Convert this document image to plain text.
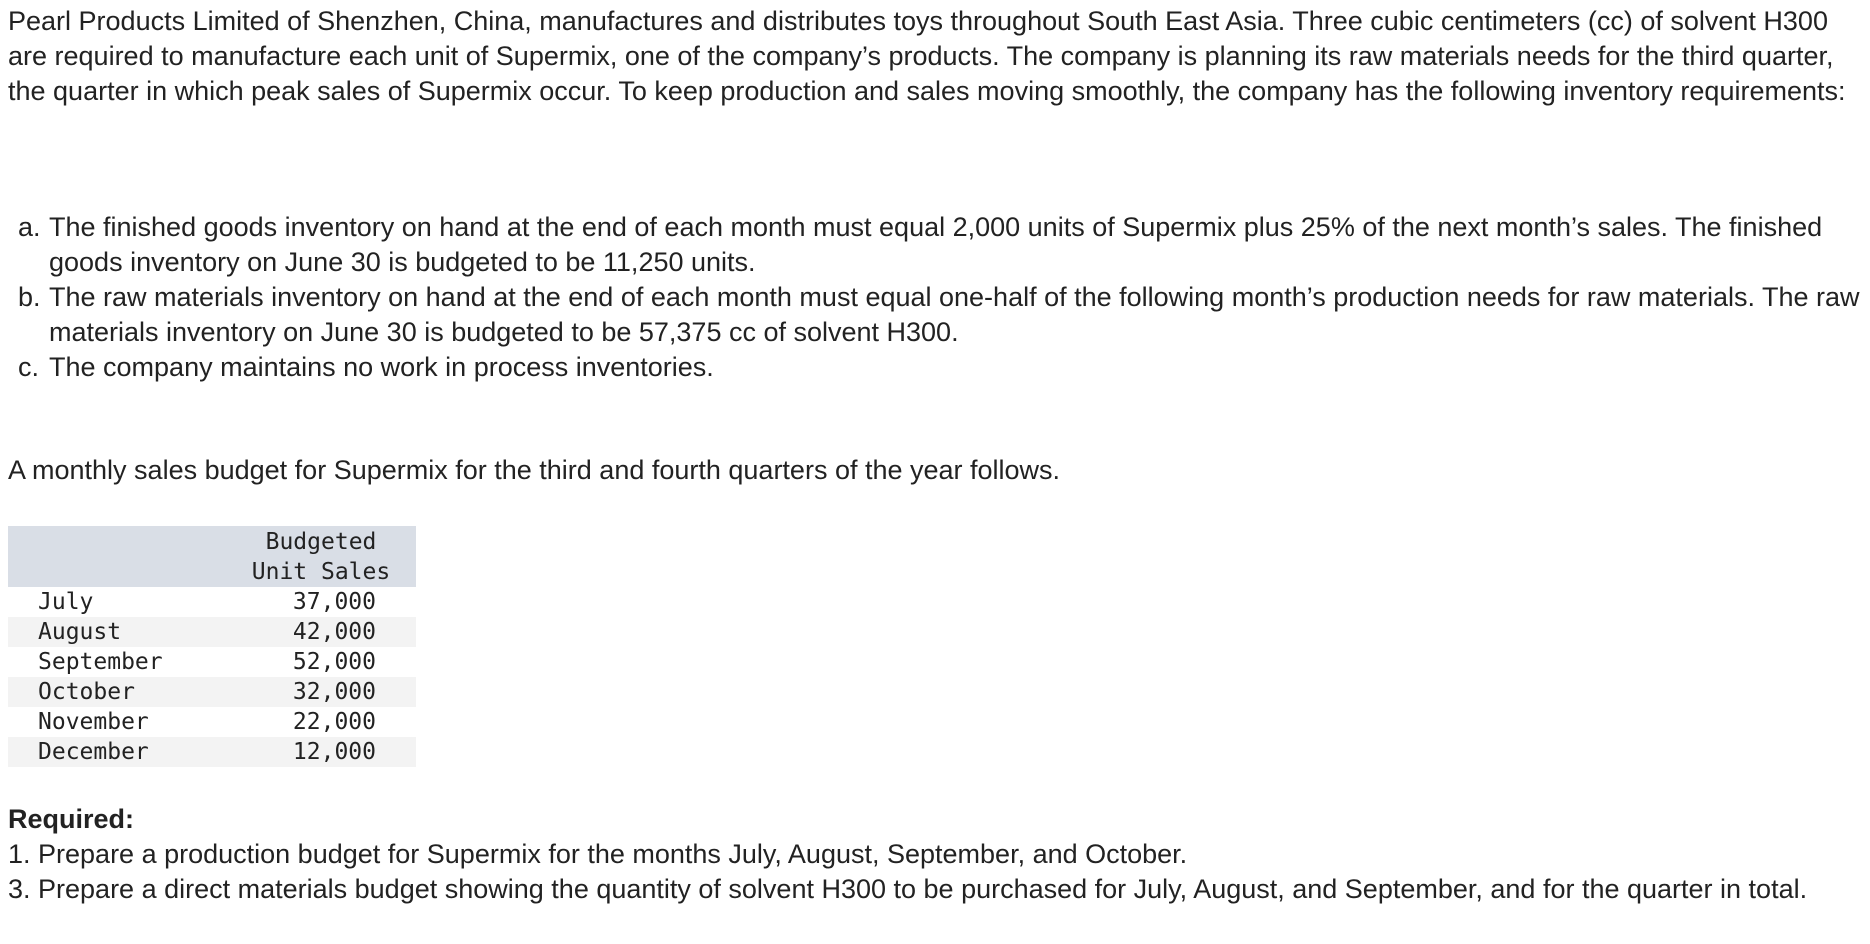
Pearl Products Limited of Shenzhen, China, manufactures and distributes toys throughout South East Asia. Three cubic centimeters (cc) of solvent H300 are required to manufacture each unit of Supermix, one of the company’s products. The company is planning its raw materials needs for the third quarter, the quarter in which peak sales of Supermix occur. To keep production and sales moving smoothly, the company has the following inventory requirements:

a. The finished goods inventory on hand at the end of each month must equal 2,000 units of Supermix plus 25% of the next month’s sales. The finished goods inventory on June 30 is budgeted to be 11,250 units.
b. The raw materials inventory on hand at the end of each month must equal one-half of the following month’s production needs for raw materials. The raw materials inventory on June 30 is budgeted to be 57,375 cc of solvent H300.
c. The company maintains no work in process inventories.

A monthly sales budget for Supermix for the third and fourth quarters of the year follows.

	Budgeted
Unit Sales

July	37,000
August	42,000
September	52,000
October	32,000
November	22,000
December	12,000

Required:

1. Prepare a production budget for Supermix for the months July, August, September, and October.

3. Prepare a direct materials budget showing the quantity of solvent H300 to be purchased for July, August, and September, and for the quarter in total.
